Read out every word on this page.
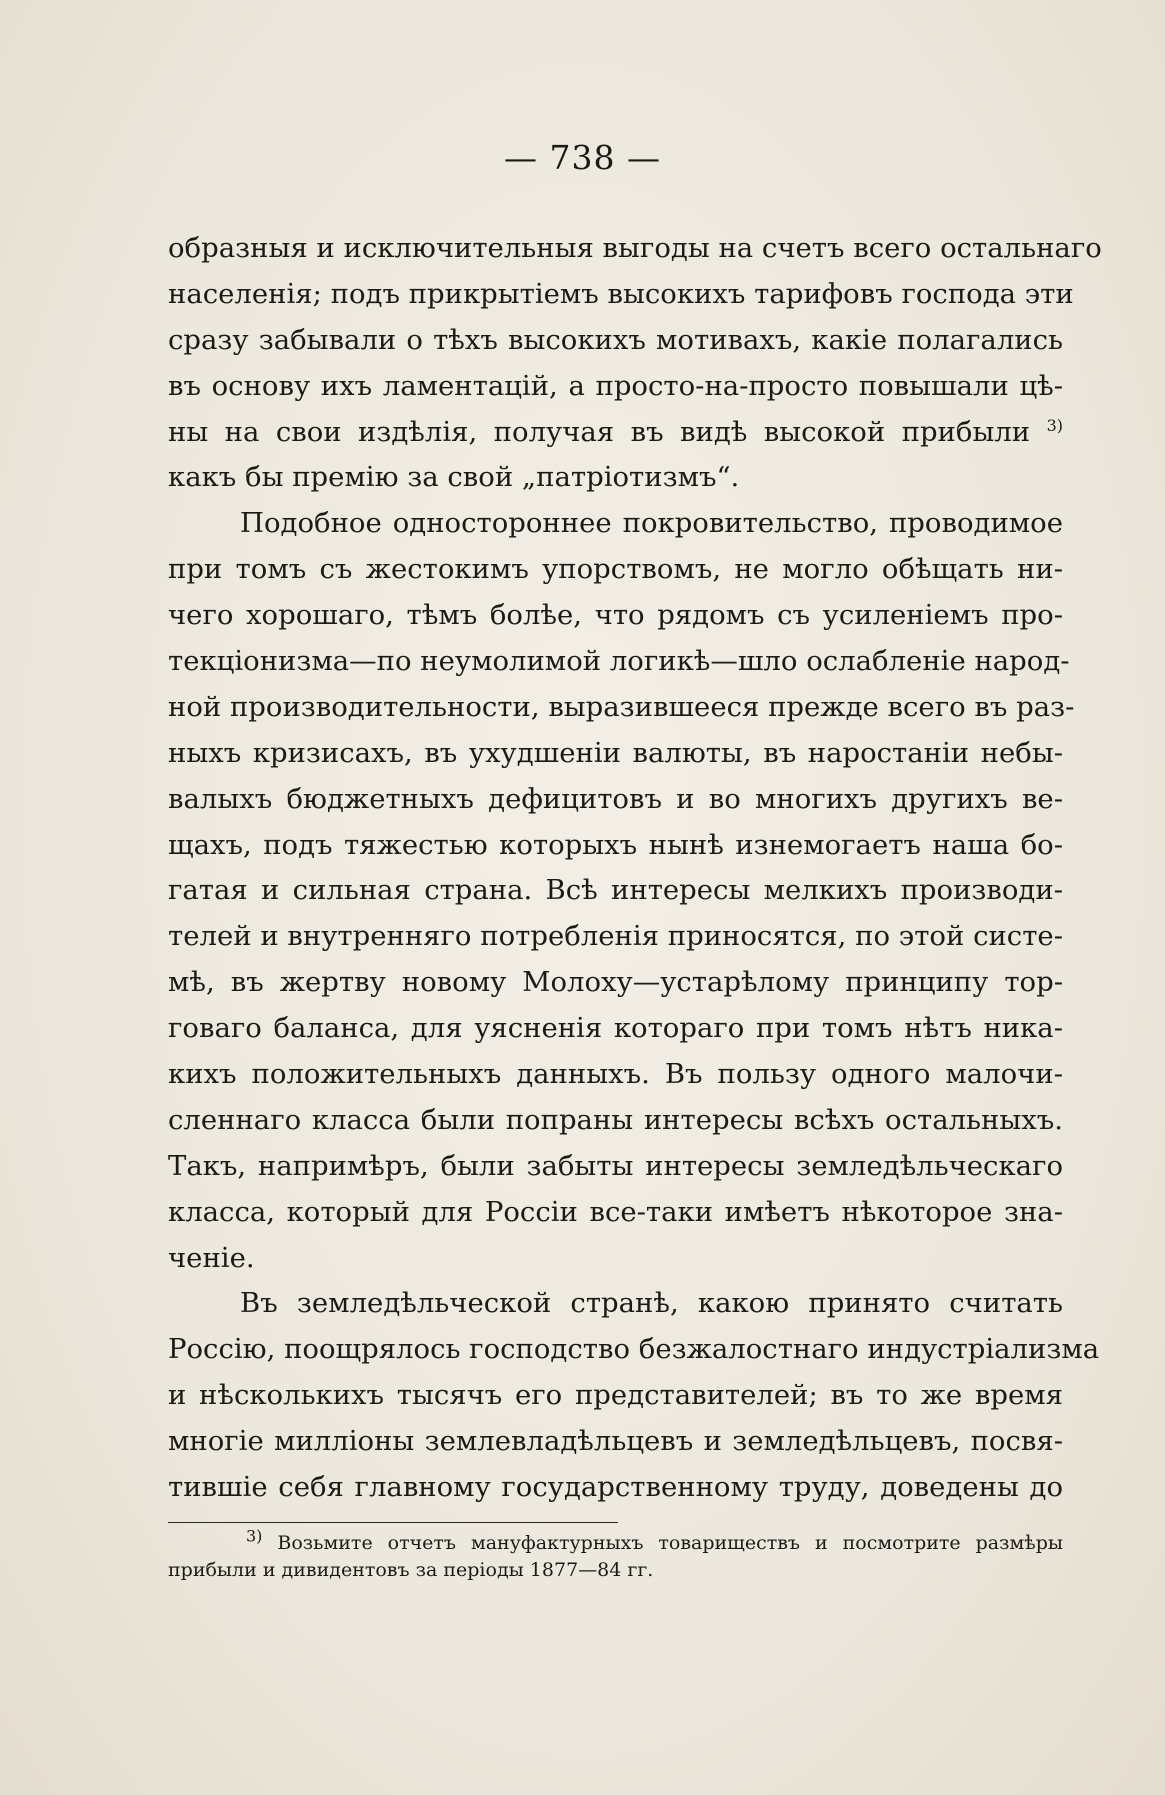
— 738 —
образныя и исключительныя выгоды на счетъ всего остальнаго
населенія; подъ прикрытіемъ высокихъ тарифовъ господа эти
сразу забывали о тѣхъ высокихъ мотивахъ, какіе полагались
въ основу ихъ ламентацій, а просто-на-просто повышали цѣ-
ны на свои издѣлія, получая въ видѣ высокой прибыли $^{3)}$
какъ бы премію за свой „патріотизмъ“.
Подобное одностороннее покровительство, проводимое
при томъ съ жестокимъ упорствомъ, не могло обѣщать ни-
чего хорошаго, тѣмъ болѣе, что рядомъ съ усиленіемъ про-
текціонизма—по неумолимой логикѣ—шло ослабленіе народ-
ной производительности, выразившееся прежде всего въ раз-
ныхъ кризисахъ, въ ухудшеніи валюты, въ наростаніи небы-
валыхъ бюджетныхъ дефицитовъ и во многихъ другихъ ве-
щахъ, подъ тяжестью которыхъ нынѣ изнемогаетъ наша бо-
гатая и сильная страна. Всѣ интересы мелкихъ производи-
телей и внутренняго потребленія приносятся, по этой систе-
мѣ, въ жертву новому Молоху—устарѣлому принципу тор-
говаго баланса, для уясненія котораго при томъ нѣтъ ника-
кихъ положительныхъ данныхъ. Въ пользу одного малочи-
сленнаго класса были попраны интересы всѣхъ остальныхъ.
Такъ, напримѣръ, были забыты интересы земледѣльческаго
класса, который для Россіи все-таки имѣетъ нѣкоторое зна-
ченіе.
Въ земледѣльческой странѣ, какою принято считать
Россію, поощрялось господство безжалостнаго индустріализма
и нѣсколькихъ тысячъ его представителей; въ то же время
многіе милліоны землевладѣльцевъ и земледѣльцевъ, посвя-
тившіе себя главному государственному труду, доведены до
$^{3)}$ Возьмите отчетъ мануфактурныхъ товариществъ и посмотрите размѣры
прибыли и дивидентовъ за періоды 1877—84 гг.
